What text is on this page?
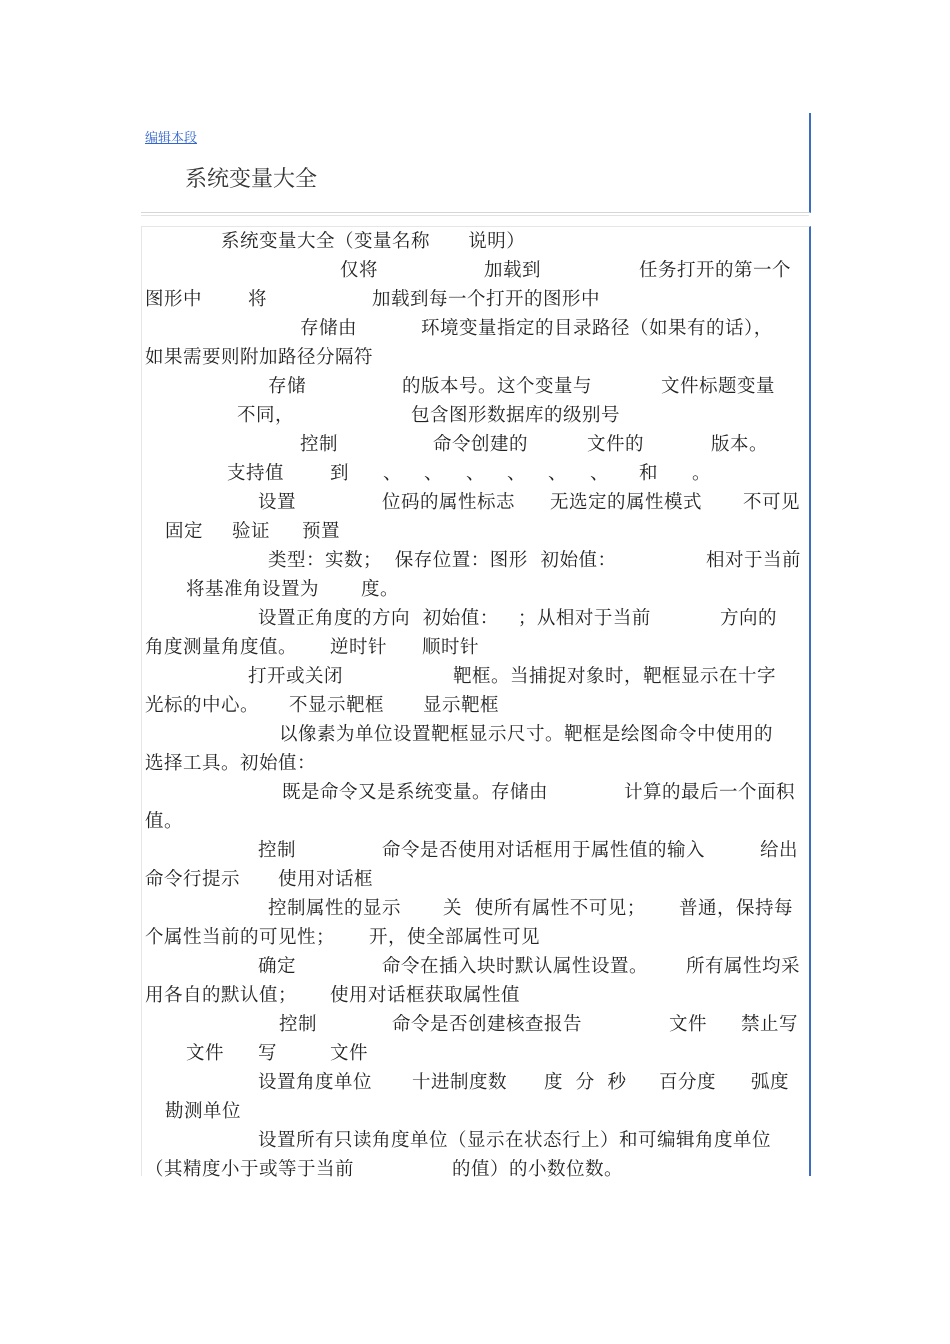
编辑本段
系统变量大全
系统变量大全（变量名称      说明）
仅将	加载到	任务打开的第一个
图形中 将	加载到每一个打开的图形中
存储由	环境变量指定的目录路径（如果有的话），
如果需要则附加路径分隔符
存储	的版本号。这个变量与	文件标题变量
不同，	包含图形数据库的级别号
控制	命令创建的	文件的	版本。
支持值 到 、 、 、 、 、 、 和 。
设置	位码的属性标志 无选定的属性模式 不可见
固定 验证 预置
类型：实数；  保存位置：图形  初始值：	相对于当前
将基准角设置为 度。
设置正角度的方向  初始值：   ；从相对于当前	方向的
角度测量角度值。 逆时针 顺时针
打开或关闭	靶框。当捕捉对象时，靶框显示在十字
光标的中心。 不显示靶框 显示靶框
以像素为单位设置靶框显示尺寸。靶框是绘图命令中使用的
选择工具。初始值：
既是命令又是系统变量。存储由	计算的最后一个面积
值。
控制	命令是否使用对话框用于属性值的输入	给出
命令行提示 使用对话框
控制属性的显示 关  使所有属性不可见； 普通，保持每
个属性当前的可见性； 开，使全部属性可见
确定	命令在插入块时默认属性设置。 所有属性均采
用各自的默认值； 使用对话框获取属性值
控制	命令是否创建核查报告	文件 禁止写
文件 写	文件
设置角度单位 十进制度数 度  分  秒 百分度 弧度
勘测单位
设置所有只读角度单位（显示在状态行上）和可编辑角度单位
（其精度小于或等于当前	的值）的小数位数。
